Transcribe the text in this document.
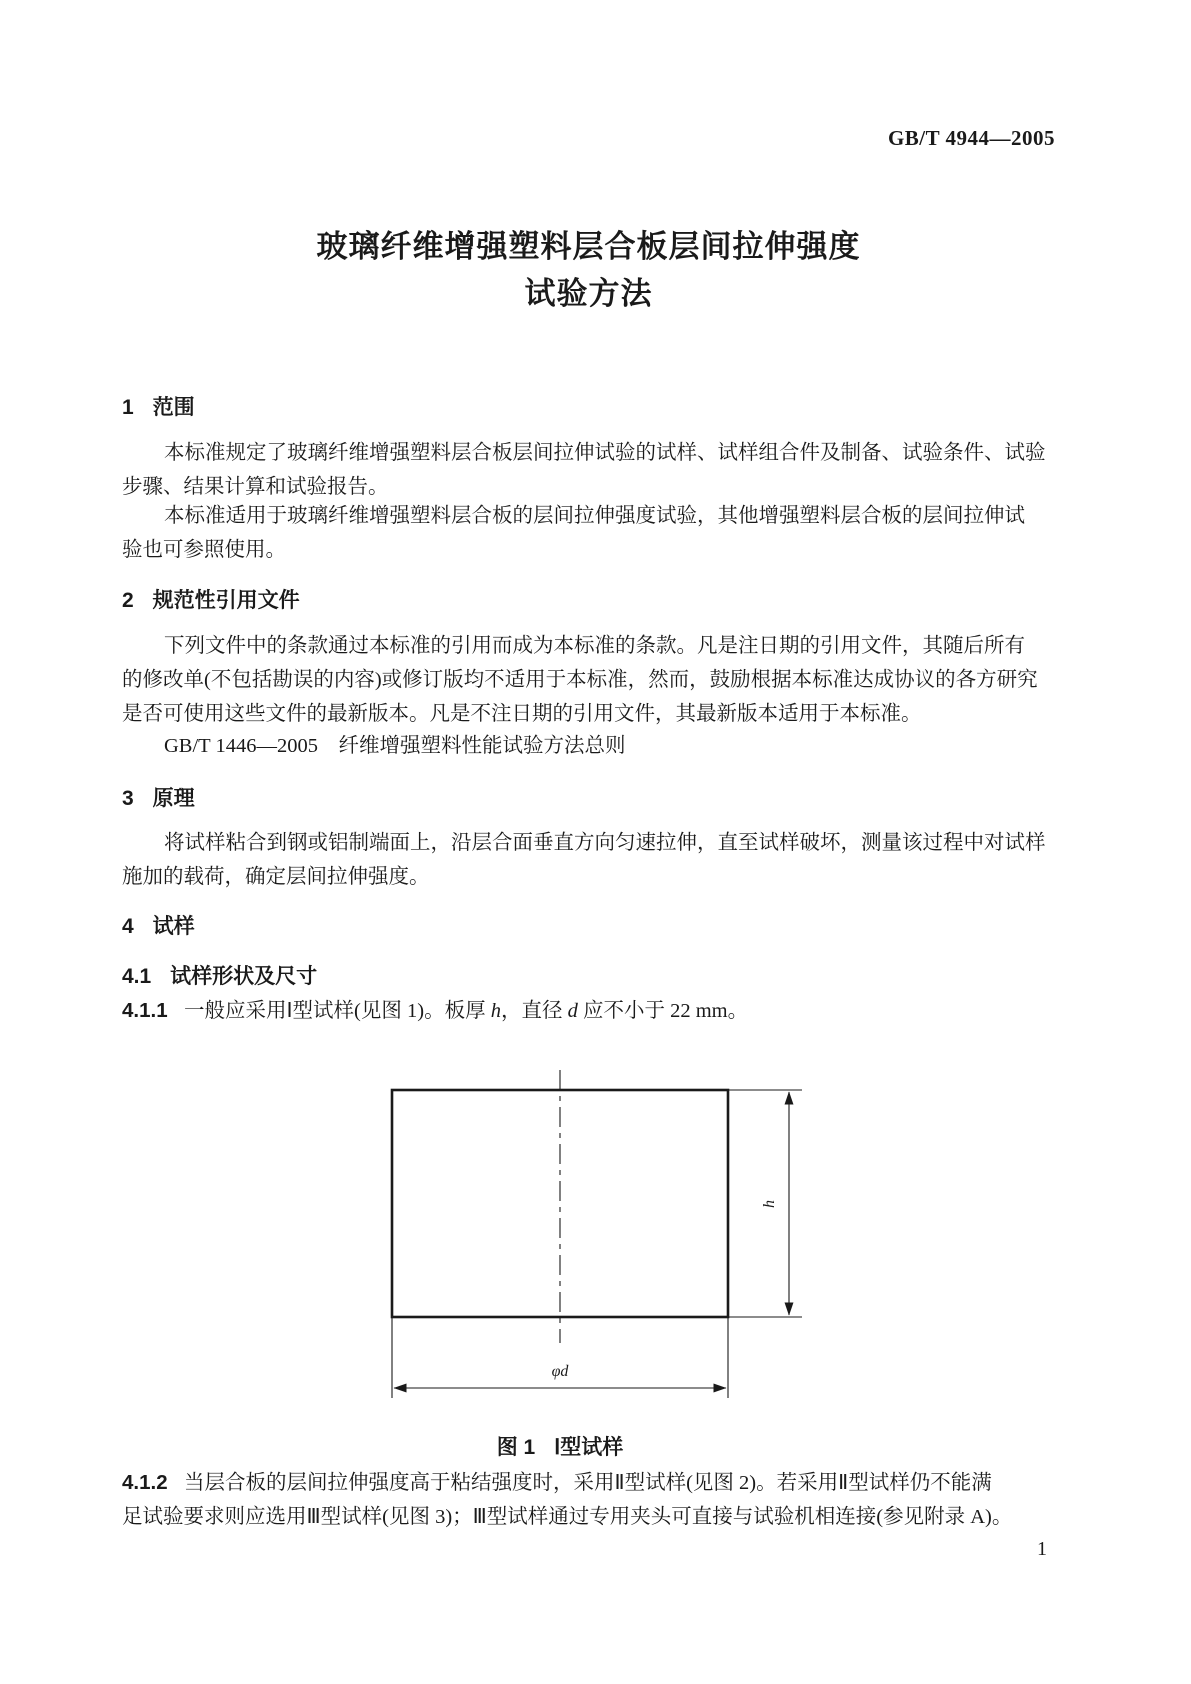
GB/T 4944—2005
玻璃纤维增强塑料层合板层间拉伸强度
试验方法
1 范围
本标准规定了玻璃纤维增强塑料层合板层间拉伸试验的试样、试样组合件及制备、试验条件、试验
步骤、结果计算和试验报告。
本标准适用于玻璃纤维增强塑料层合板的层间拉伸强度试验，其他增强塑料层合板的层间拉伸试
验也可参照使用。
2 规范性引用文件
下列文件中的条款通过本标准的引用而成为本标准的条款。凡是注日期的引用文件，其随后所有
的修改单(不包括勘误的内容)或修订版均不适用于本标准，然而，鼓励根据本标准达成协议的各方研究
是否可使用这些文件的最新版本。凡是不注日期的引用文件，其最新版本适用于本标准。
GB/T 1446—2005　纤维增强塑料性能试验方法总则
3 原理
将试样粘合到钢或铝制端面上，沿层合面垂直方向匀速拉伸，直至试样破坏，测量该过程中对试样
施加的载荷，确定层间拉伸强度。
4 试样
4.1 试样形状及尺寸
4.1.1 一般应采用Ⅰ型试样(见图 1)。板厚 h，直径 d 应不小于 22 mm。
h
φd
图 1 Ⅰ型试样
4.1.2 当层合板的层间拉伸强度高于粘结强度时，采用Ⅱ型试样(见图 2)。若采用Ⅱ型试样仍不能满
足试验要求则应选用Ⅲ型试样(见图 3)；Ⅲ型试样通过专用夹头可直接与试验机相连接(参见附录 A)。
1
